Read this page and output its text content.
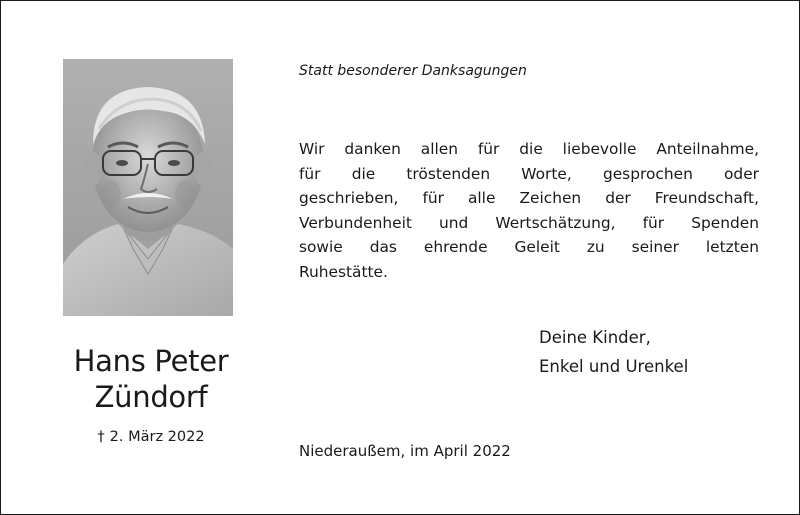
Hans Peter
Zündorf
† 2. März 2022
Statt besonderer Danksagungen
Wir danken allen für die liebevolle Anteilnahme,
für die tröstenden Worte, gesprochen oder
geschrieben, für alle Zeichen der Freundschaft,
Verbundenheit und Wertschätzung, für Spenden
sowie das ehrende Geleit zu seiner letzten
Ruhestätte.
Deine Kinder,
Enkel und Urenkel
Niederaußem, im April 2022
